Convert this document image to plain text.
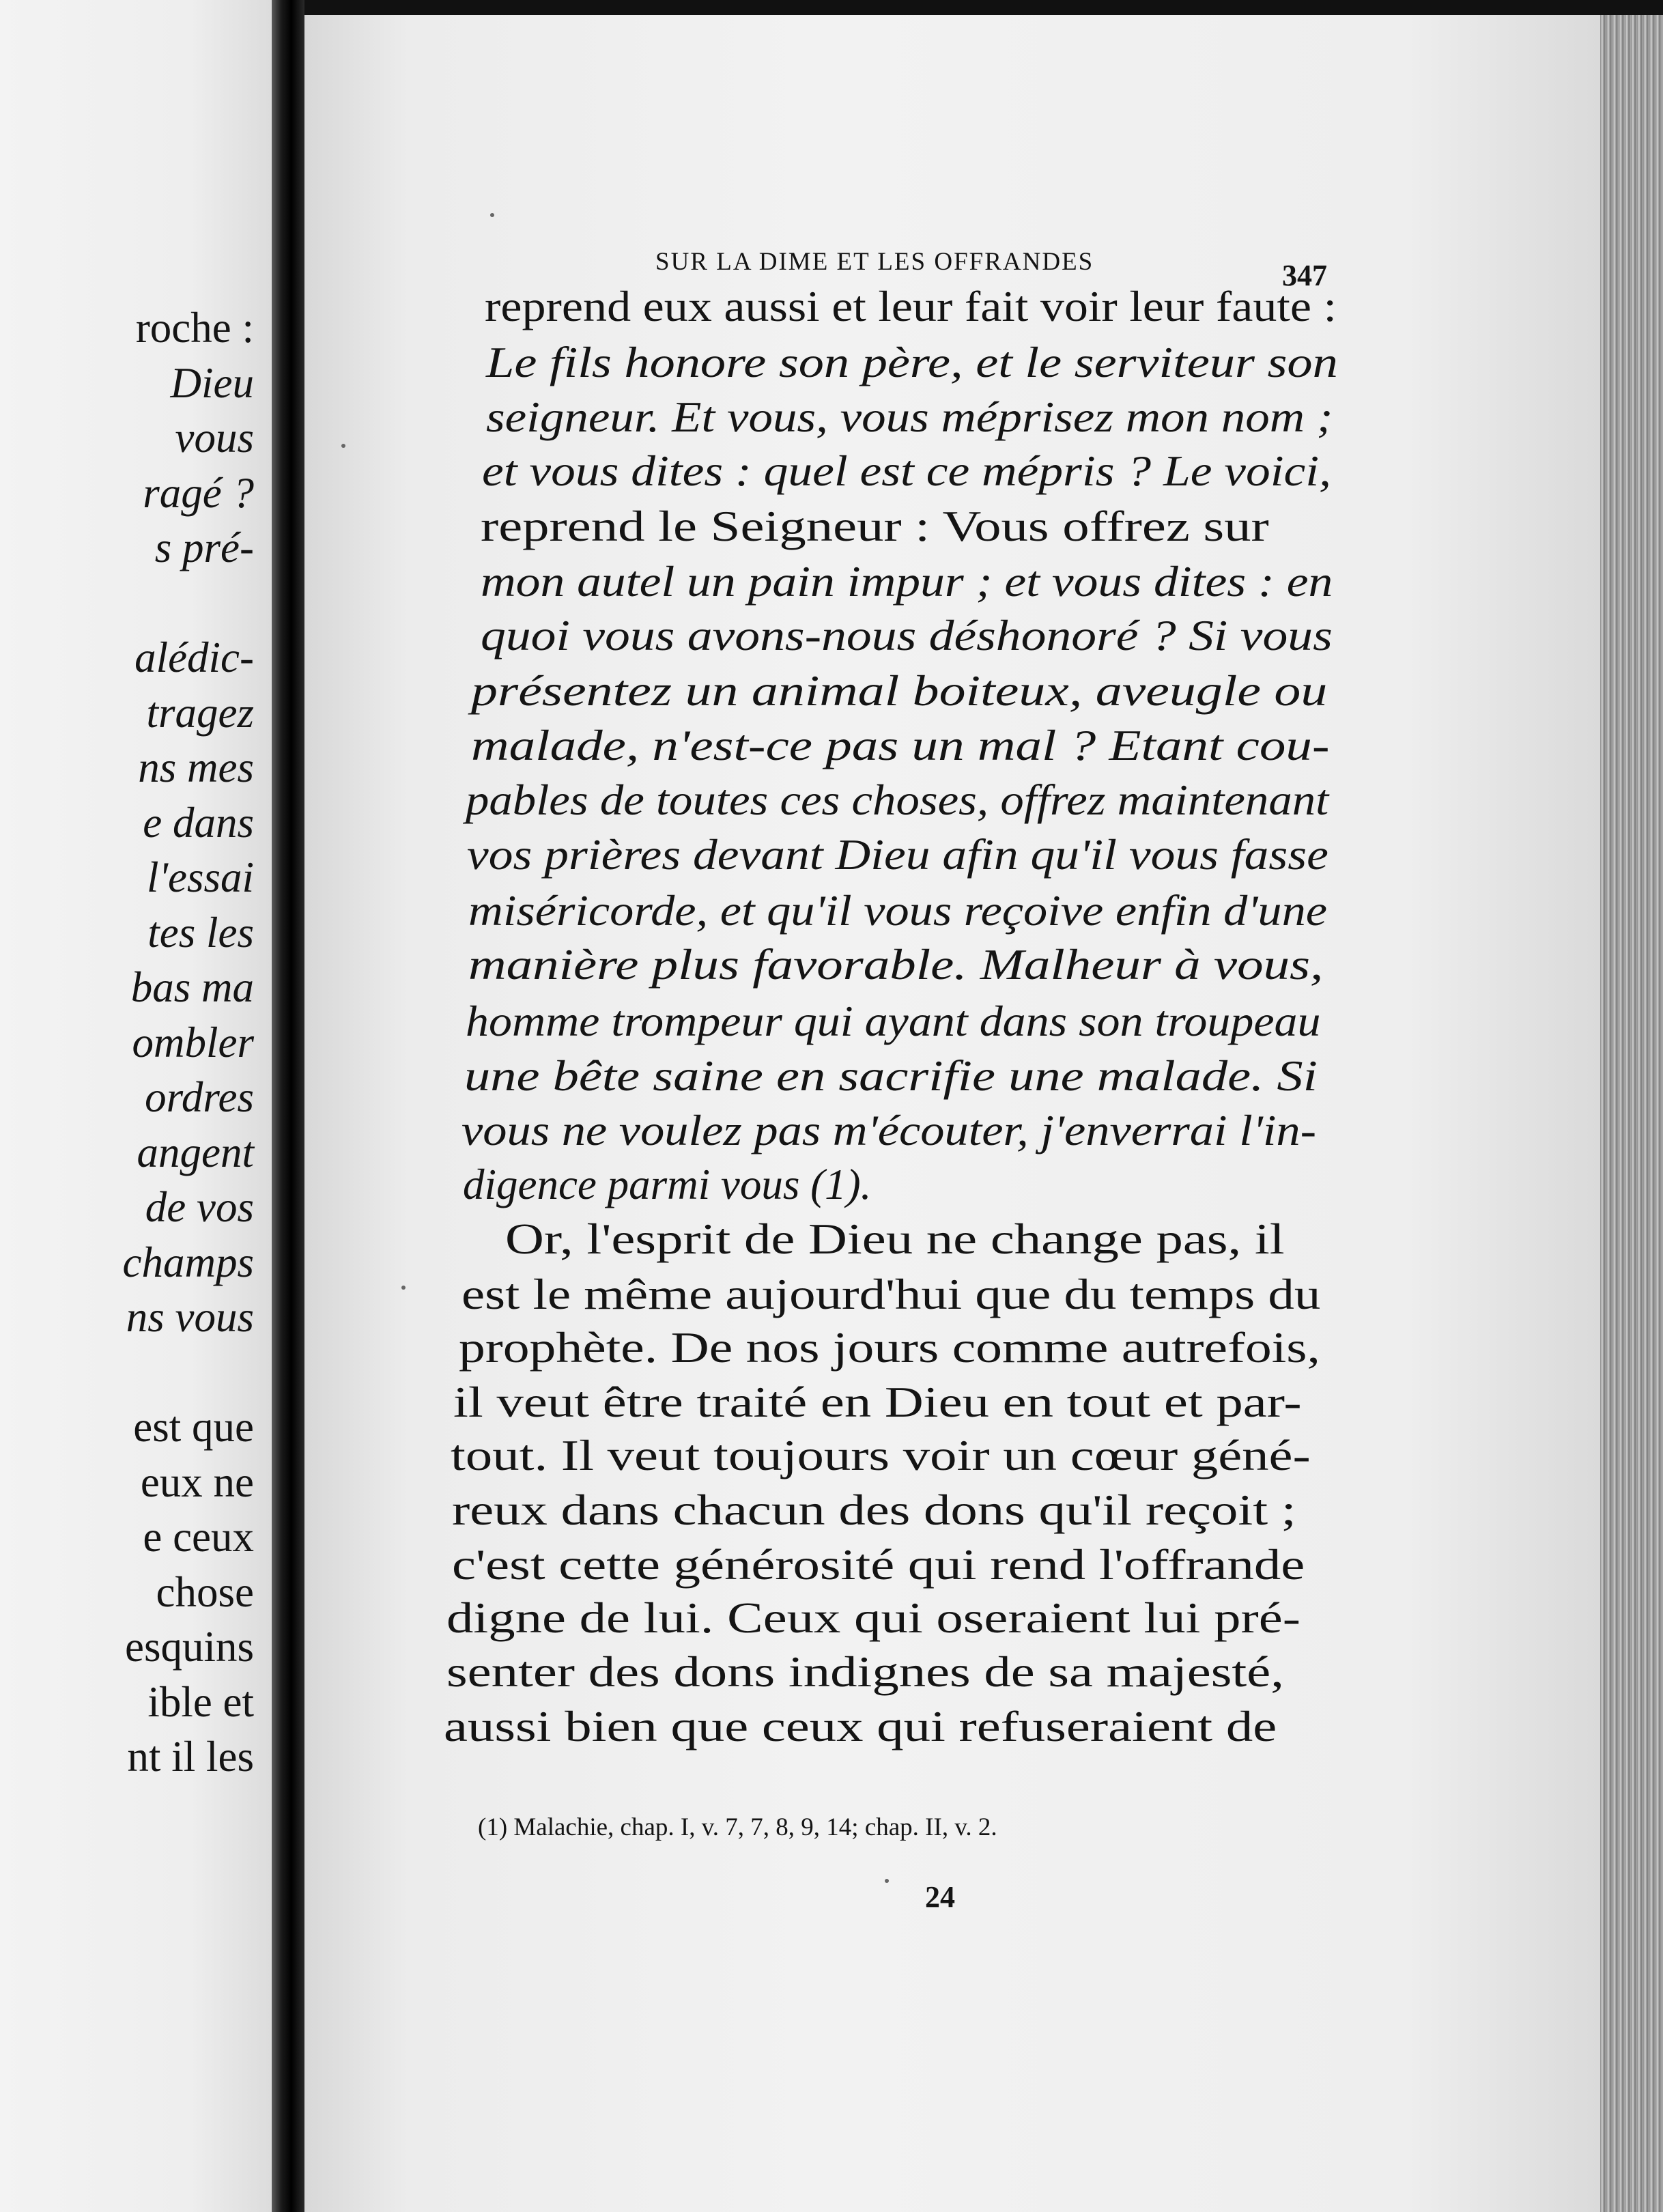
roche :
Dieu
vous
ragé ?
s pré-
alédic-
tragez
ns mes
e dans
l'essai
tes les
bas ma
ombler
ordres
angent
de vos
champs
ns vous
est que
eux ne
e ceux
chose
esquins
ible et
nt il les
SUR LA DIME ET LES OFFRANDES	347
reprend eux aussi et leur fait voir leur faute :
Le fils honore son père, et le serviteur son
seigneur. Et vous, vous méprisez mon nom ;
et vous dites : quel est ce mépris ? Le voici,
reprend le Seigneur : Vous offrez sur
mon autel un pain impur ; et vous dites : en
quoi vous avons-nous déshonoré ? Si vous
présentez un animal boiteux, aveugle ou
malade, n'est-ce pas un mal ? Etant cou-
pables de toutes ces choses, offrez maintenant
vos prières devant Dieu afin qu'il vous fasse
miséricorde, et qu'il vous reçoive enfin d'une
manière plus favorable. Malheur à vous,
homme trompeur qui ayant dans son troupeau
une bête saine en sacrifie une malade. Si
vous ne voulez pas m'écouter, j'enverrai l'in-
digence parmi vous (1).
Or, l'esprit de Dieu ne change pas, il
est le même aujourd'hui que du temps du
prophète. De nos jours comme autrefois,
il veut être traité en Dieu en tout et par-
tout. Il veut toujours voir un cœur géné-
reux dans chacun des dons qu'il reçoit ;
c'est cette générosité qui rend l'offrande
digne de lui. Ceux qui oseraient lui pré-
senter des dons indignes de sa majesté,
aussi bien que ceux qui refuseraient de
(1) Malachie, chap. I, v. 7, 7, 8, 9, 14; chap. II, v. 2.
24
